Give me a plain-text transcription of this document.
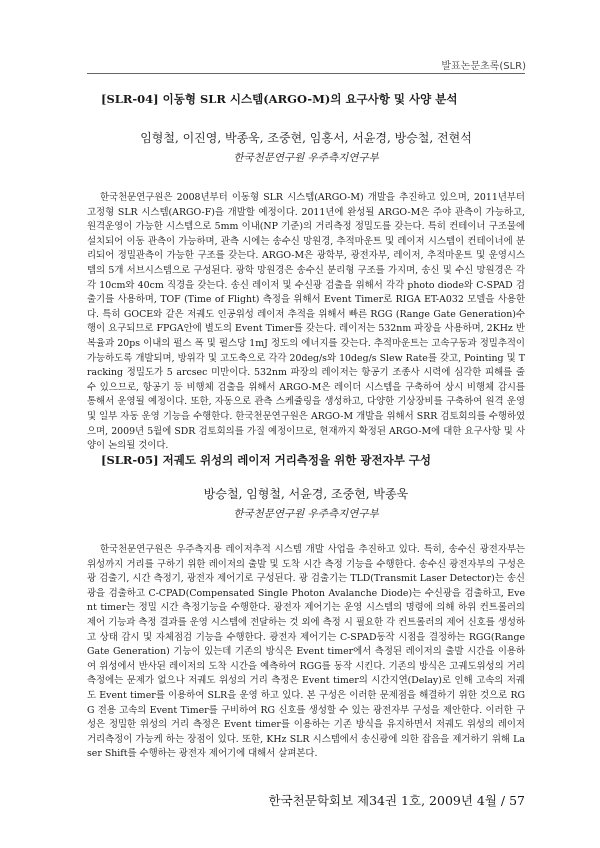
발표논문초록(SLR)
[SLR-04] 이동형 SLR 시스템(ARGO-M)의 요구사항 및 사양 분석
임형철, 이진영, 박종욱, 조중현, 임홍서, 서윤경, 방승철, 전현석
한국천문연구원 우주측지연구부
한국천문연구원은 2008년부터 이동형 SLR 시스템(ARGO-M) 개발을 추진하고 있으며, 2011년부터 고정형 SLR 시스템(ARGO-F)을 개발할 예정이다. 2011년에 완성될 ARGO-M은 주야 관측이 가능하고, 원격운영이 가능한 시스템으로 5mm 이내(NP 기준)의 거리측정 정밀도를 갖는다. 특히 컨테이너 구조물에 설치되어 이동 관측이 가능하며, 관측 시에는 송수신 망원경, 추적마운트 및 레이저 시스템이 컨테이너에 분리되어 정밀관측이 가능한 구조를 갖는다. ARGO-M은 광학부, 광전자부, 레이저, 추적마운트 및 운영시스템의 5개 서브시스템으로 구성된다. 광학 망원경은 송수신 분리형 구조를 가지며, 송신 및 수신 망원경은 각각 10cm와 40cm 직경을 갖는다. 송신 레이저 및 수신광 검출을 위해서 각각 photo diode와 C-SPAD 검출기를 사용하며, TOF (Time of Flight) 측정을 위해서 Event Timer로 RIGA ET-A032 모델을 사용한다. 특히 GOCE와 같은 저궤도 인공위성 레이저 추적을 위해서 빠른 RGG (Range Gate Generation)수행이 요구되므로 FPGA안에 별도의 Event Timer를 갖는다. 레이저는 532nm 파장을 사용하며, 2KHz 반복율과 20ps 이내의 펄스 폭 및 펄스당 1mJ 정도의 에너지를 갖는다. 추적마운트는 고속구동과 정밀추적이 가능하도록 개발되며, 방위각 및 고도축으로 각각 20deg/s와 10deg/s Slew Rate를 갖고, Pointing 및 Tracking 정밀도가 5 arcsec 미만이다. 532nm 파장의 레이저는 항공기 조종사 시력에 심각한 피해를 줄 수 있으므로, 항공기 등 비행체 검출을 위해서 ARGO-M은 레이더 시스템을 구축하여 상시 비행체 감시를 통해서 운영될 예정이다. 또한, 자동으로 관측 스케쥴링을 생성하고, 다양한 기상장비를 구축하여 원격 운영 및 일부 자동 운영 기능을 수행한다. 한국천문연구원은 ARGO-M 개발을 위해서 SRR 검토회의를 수행하였으며, 2009년 5월에 SDR 검토회의를 가질 예정이므로, 현재까지 확정된 ARGO-M에 대한 요구사항 및 사양이 논의될 것이다.
[SLR-05] 저궤도 위성의 레이저 거리측정을 위한 광전자부 구성
방승철, 임형철, 서윤경, 조중현, 박종욱
한국천문연구원 우주측지연구부
한국천문연구원은 우주측지용 레이저추적 시스템 개발 사업을 추진하고 있다. 특히, 송수신 광전자부는 위성까지 거리를 구하기 위한 레이저의 출발 및 도착 시간 측정 기능을 수행한다. 송수신 광전자부의 구성은 광 검출기, 시간 측정기, 광전자 제어기로 구성된다. 광 검출기는 TLD(Transmit Laser Detector)는 송신광을 검출하고 C-CPAD(Compensated Single Photon Avalanche Diode)는 수신광을 검출하고, Event timer는 정밀 시간 측정기능을 수행한다. 광전자 제어기는 운영 시스템의 명령에 의해 하위 컨트롤러의 제어 기능과 측정 결과를 운영 시스템에 전달하는 것 외에 측정 시 필요한 각 컨트롤러의 제어 신호를 생성하고 상태 감시 및 자체점검 기능을 수행한다. 광전자 제어기는 C-SPAD동작 시점을 결정하는 RGG(Range Gate Generation) 기능이 있는데 기존의 방식은 Event timer에서 측정된 레이저의 출발 시간을 이용하여 위성에서 반사된 레이저의 도착 시간을 예측하여 RGG를 동작 시킨다. 기존의 방식은 고궤도위성의 거리측정에는 문제가 없으나 저궤도 위성의 거리 측정은 Event timer의 시간지연(Delay)로 인해 고속의 저궤도 Event timer를 이용하여 SLR을 운영 하고 있다. 본 구성은 이러한 문제점을 해결하기 위한 것으로 RGG 전용 고속의 Event Timer를 구비하여 RG 신호를 생성할 수 있는 광전자부 구성을 제안한다. 이러한 구성은 정밀한 위성의 거리 측정은 Event timer를 이용하는 기존 방식을 유지하면서 저궤도 위성의 레이저 거리측정이 가능케 하는 장점이 있다. 또한, KHz SLR 시스템에서 송신광에 의한 잡음을 제거하기 위해 Laser Shift를 수행하는 광전자 제어기에 대해서 살펴본다.
한국천문학회보 제34권 1호, 2009년 4월 / 57
